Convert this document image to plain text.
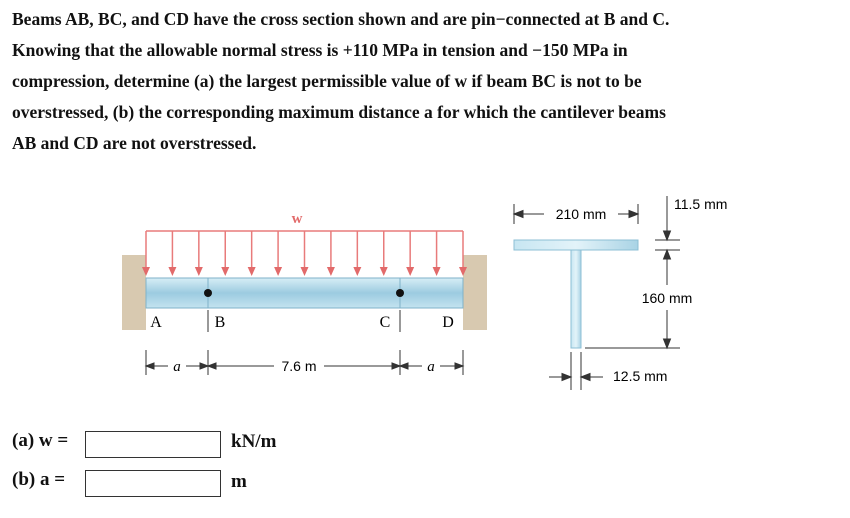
Beams AB, BC, and CD have the cross section shown and are pin−connected at B and C.

Knowing that the allowable normal stress is +110 MPa in tension and −150 MPa in

compression, determine (a) the largest permissible value of w if beam BC is not to be

overstressed, (b) the corresponding maximum distance a for which the cantilever beams

AB and CD are not overstressed.

w
A	B	C	D
a	7.6 m	a
210 mm
11.5 mm
160 mm
12.5 mm
(a) w =	kN/m
(b) a =	m
